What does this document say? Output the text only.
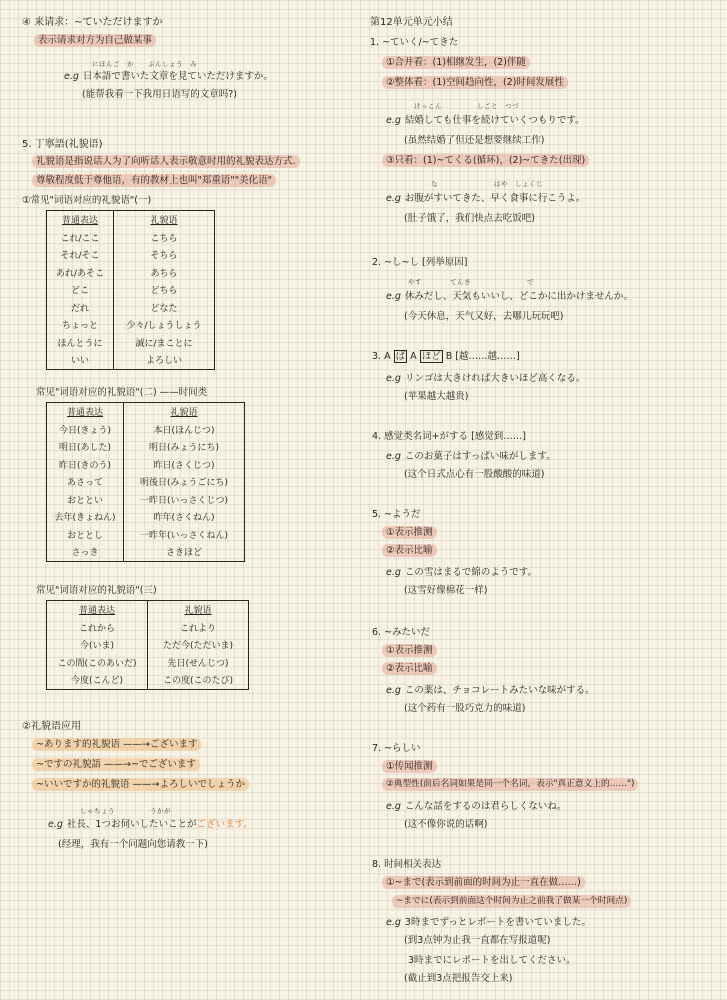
④ 来请求：~ていただけますか
表示请求对方为自己做某事
にほんご　か　　ぶんしょう　み
e.g 日本語で書いた文章を見ていただけますか。
(能帮我看一下我用日语写的文章吗?)
5. 丁寧語(礼貌语)
礼貌语是指说话人为了向听话人表示敬意时用的礼貌表达方式.
尊敬程度低于尊他语，有的教材上也叫"郑重语""美化语"
①常见"词语对应的礼貌语"(一)
普通表达	礼貌语
これ/ここ	こちら
それ/そこ	そちら
あれ/あそこ	あちら
どこ	どちら
だれ	どなた
ちょっと	少々/しょうしょう
ほんとうに	誠に/まことに
いい	よろしい
常见"词语对应的礼貌语"(二) ——时间类
普通表达	礼貌语
今日(きょう)	本日(ほんじつ)
明日(あした)	明日(みょうにち)
昨日(きのう)	昨日(さくじつ)
あさって	明後日(みょうごにち)
おととい	一昨日(いっさくじつ)
去年(きょねん)	昨年(さくねん)
おととし	一昨年(いっさくねん)
さっき	さきほど
常见"词语对应的礼貌语"(三)
普通表达	礼貌语
これから	これより
今(いま)	ただ今(ただいま)
この間(このあいだ)	先日(せんじつ)
今度(こんど)	この度(このたび)
②礼貌语应用
~あります的礼貌语 ——→ございます
~ですの礼貌語 ——→~でございます
~いいですか的礼貌语 ——→よろしいでしょうか
しゃちょう　　　　　うかが
e.g 社長、1つお伺いしたいことがございます。
(经理，我有一个问题向您请教一下)
第12单元单元小结
1. ~ていく/~てきた
①合并看：(1)相继发生，(2)伴随
②整体看：(1)空间趋向性，(2)时间发展性
けっこん　　　　　しごと　つづ
e.g 結婚しても仕事を続けていくつもりです。
(虽然结婚了但还是想要继续工作)
③只看：(1)~てくる(循环)，(2)~てきた(出现)
　な　　　　　　　　はや　しょくじ
e.g お腹がすいてきた、早く食事に行こうよ。
(肚子饿了，我们快点去吃饭吧)
2. ~し~し [列举原因]
やす　　　　てんき　　　　　　　　で
e.g 休みだし、天気もいいし、どこかに出かけませんか。
(今天休息，天气又好，去哪儿玩玩吧)
3. A ば A ほど B [越……越……]
e.g リンゴは大きければ大きいほど高くなる。
(苹果越大越贵)
4. 感觉类名词+がする [感觉到……]
e.g このお菓子はすっぱい味がします。
(这个日式点心有一股酸酸的味道)
5. ~ようだ
①表示推测
②表示比喻
e.g この雪はまるで綿のようです。
(这雪好像棉花一样)
6. ~みたいだ
①表示推测
②表示比喻
e.g この薬は、チョコレートみたいな味がする。
(这个药有一股巧克力的味道)
7. ~らしい
①传闻推测
②典型性(前后名词如果是同一个名词，表示"真正意义上的……")
e.g こんな話をするのは君らしくないね。
(这不像你说的话啊)
8. 时间相关表达
①~まで(表示到前面的时间为止一直在做……)
~までに(表示到前面这个时间为止之前我了做某一个时间点)
e.g 3時までずっとレポートを書いていました。
(到3点钟为止我一直都在写报道呢)
3時までにレポートを出してください。
(截止到3点把报告交上来)
